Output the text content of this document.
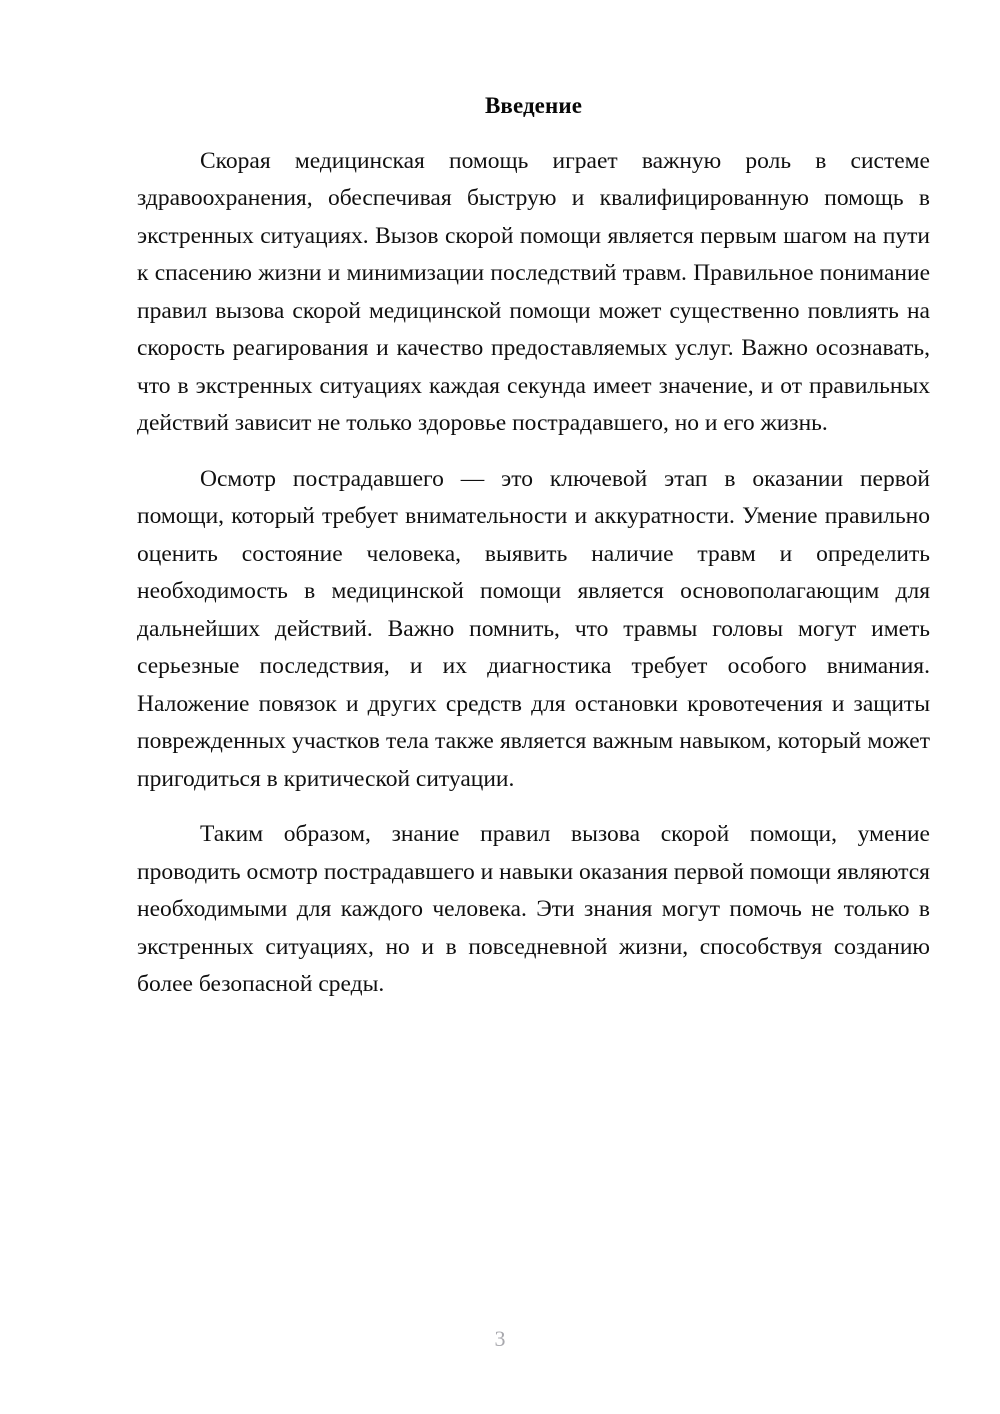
Введение

Скорая медицинская помощь играет важную роль в системе здравоохранения, обеспечивая быструю и квалифицированную помощь в экстренных ситуациях. Вызов скорой помощи является первым шагом на пути к спасению жизни и минимизации последствий травм. Правильное понимание правил вызова скорой медицинской помощи может существенно повлиять на скорость реагирования и качество предоставляемых услуг. Важно осознавать, что в экстренных ситуациях каждая секунда имеет значение, и от правильных действий зависит не только здоровье пострадавшего, но и его жизнь.

Осмотр пострадавшего — это ключевой этап в оказании первой помощи, который требует внимательности и аккуратности. Умение правильно оценить состояние человека, выявить наличие травм и определить необходимость в медицинской помощи является основополагающим для дальнейших действий. Важно помнить, что травмы головы могут иметь серьезные последствия, и их диагностика требует особого внимания. Наложение повязок и других средств для остановки кровотечения и защиты поврежденных участков тела также является важным навыком, который может пригодиться в критической ситуации.

Таким образом, знание правил вызова скорой помощи, умение проводить осмотр пострадавшего и навыки оказания первой помощи являются необходимыми для каждого человека. Эти знания могут помочь не только в экстренных ситуациях, но и в повседневной жизни, способствуя созданию более безопасной среды.

3
